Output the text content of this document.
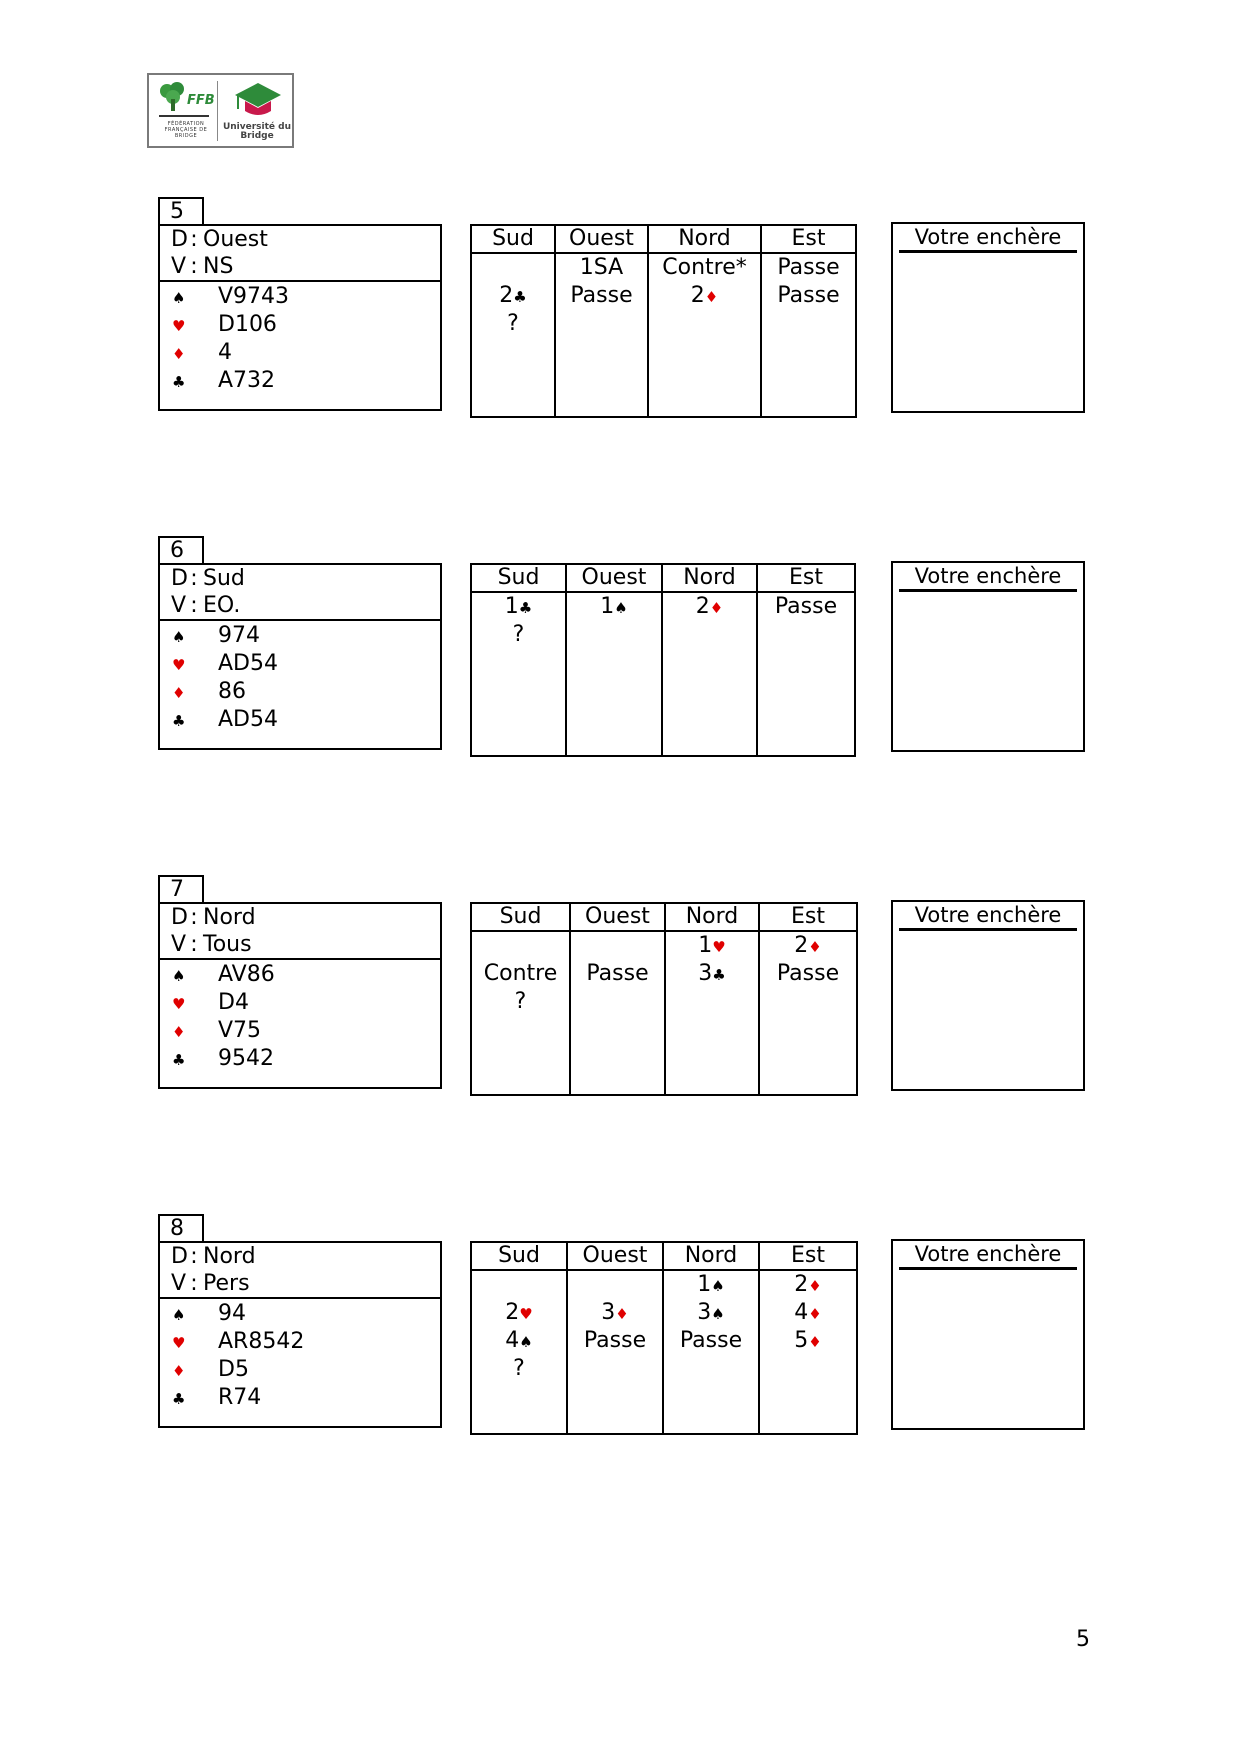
FFB
FÉDÉRATION FRANÇAISE DE BRIDGE
Université du Bridge
5
D : Ouest
V : NS
♠ V9743
♥ D106
♦ 4
♣ A732
Sud
2♣
?
Ouest
1SA
Passe
Nord
Contre*
2♦
Est
Passe
Passe
Votre enchère
6
D : Sud
V : EO.
♠ 974
♥ AD54
♦ 86
♣ AD54
Sud
1♣
?
Ouest
1♠
Nord
2♦
Est
Passe
Votre enchère
7
D : Nord
V : Tous
♠ AV86
♥ D4
♦ V75
♣ 9542
Sud
Contre
?
Ouest
Passe
Nord
1♥
3♣
Est
2♦
Passe
Votre enchère
8
D : Nord
V : Pers
♠ 94
♥ AR8542
♦ D5
♣ R74
Sud
2♥
4♠
?
Ouest
3♦
Passe
Nord
1♠
3♠
Passe
Est
2♦
4♦
5♦
Votre enchère
5
